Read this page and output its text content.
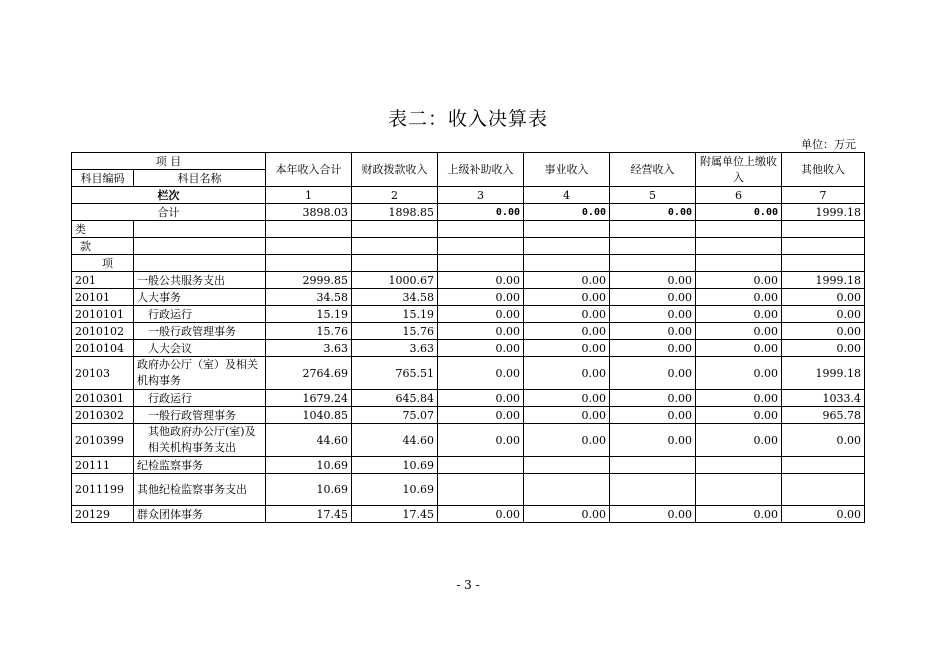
表二：收入决算表
单位：万元
项 目		本年收入合计	财政拨款收入	上级补助收入	事业收入	经营收入	附属单位上缴收入	其他收入
科目编码	科目名称							
栏次		1	2	3	4	5	6	7
合计		3898.03	1898.85	0.00	0.00	0.00	0.00	1999.18
类								
款								
项								
201	一般公共服务支出	2999.85	1000.67	0.00	0.00	0.00	0.00	1999.18
20101	人大事务	34.58	34.58	0.00	0.00	0.00	0.00	0.00
2010101	行政运行	15.19	15.19	0.00	0.00	0.00	0.00	0.00
2010102	一般行政管理事务	15.76	15.76	0.00	0.00	0.00	0.00	0.00
2010104	人大会议	3.63	3.63	0.00	0.00	0.00	0.00	0.00
20103	政府办公厅（室）及相关机构事务	2764.69	765.51	0.00	0.00	0.00	0.00	1999.18
2010301	行政运行	1679.24	645.84	0.00	0.00	0.00	0.00	1033.4
2010302	一般行政管理事务	1040.85	75.07	0.00	0.00	0.00	0.00	965.78
2010399	其他政府办公厅(室)及相关机构事务支出	44.60	44.60	0.00	0.00	0.00	0.00	0.00
20111	纪检监察事务	10.69	10.69					
2011199	其他纪检监察事务支出	10.69	10.69					
20129	群众团体事务	17.45	17.45	0.00	0.00	0.00	0.00	0.00
- 3 -
